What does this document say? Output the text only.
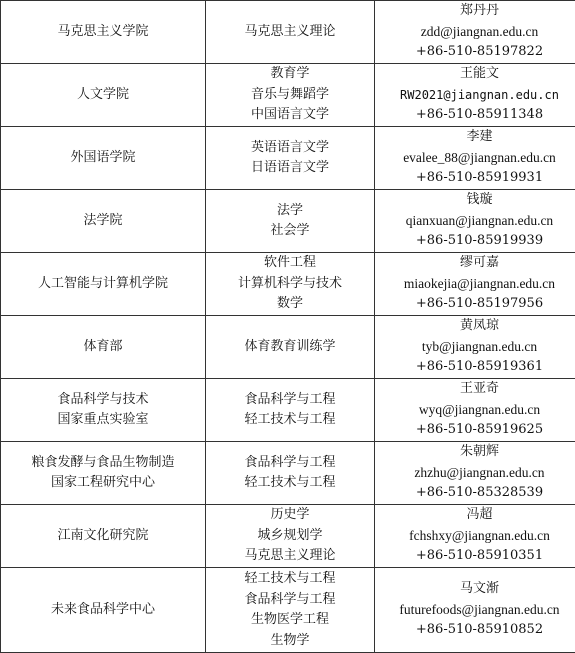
马克思主义学院	马克思主义理论	郑丹丹
zdd@jiangnan.edu.cn
+86-510-85197822

人文学院	教育学
音乐与舞蹈学
中国语言文学	王能文
RW2021@jiangnan.edu.cn
+86-510-85911348

外国语学院	英语语言文学
日语语言文学	李建
evalee_88@jiangnan.edu.cn
+86-510-85919931

法学院	法学
社会学	钱璇
qianxuan@jiangnan.edu.cn
+86-510-85919939

人工智能与计算机学院	软件工程
计算机科学与技术
数学	缪可嘉
miaokejia@jiangnan.edu.cn
+86-510-85197956

体育部	体育教育训练学	黄凤琼
tyb@jiangnan.edu.cn
+86-510-85919361

食品科学与技术
国家重点实验室	食品科学与工程
轻工技术与工程	王亚奇
wyq@jiangnan.edu.cn
+86-510-85919625

粮食发酵与食品生物制造
国家工程研究中心	食品科学与工程
轻工技术与工程	朱朝辉
zhzhu@jiangnan.edu.cn
+86-510-85328539

江南文化研究院	历史学
城乡规划学
马克思主义理论	冯超
fchshxy@jiangnan.edu.cn
+86-510-85910351

未来食品科学中心	轻工技术与工程
食品科学与工程
生物医学工程
生物学	马文渐
futurefoods@jiangnan.edu.cn
+86-510-85910852
